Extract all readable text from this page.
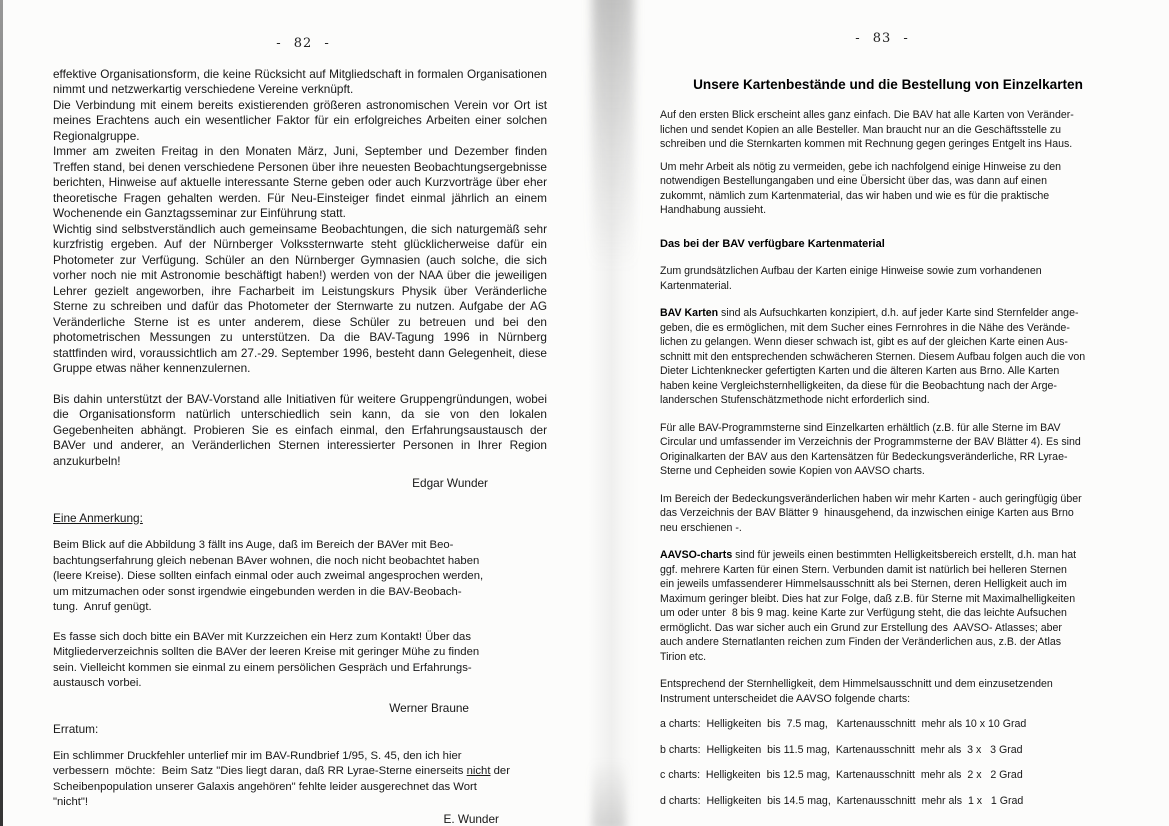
- 82 -

effektive Organisationsform, die keine Rücksicht auf Mitgliedschaft in formalen Organisationen nimmt und netzwerkartig verschiedene Vereine verknüpft.

Die Verbindung mit einem bereits existierenden größeren astronomischen Verein vor Ort ist meines Erachtens auch ein wesentlicher Faktor für ein erfolgreiches Arbeiten einer solchen Regionalgruppe.

Immer am zweiten Freitag in den Monaten März, Juni, September und Dezember finden Treffen stand, bei denen verschiedene Personen über ihre neuesten Beobachtungsergebnisse berichten, Hinweise auf aktuelle interessante Sterne geben oder auch Kurzvorträge über eher theoretische Fragen gehalten werden. Für Neu-Einsteiger findet einmal jährlich an einem Wochenende ein Ganztagsseminar zur Einführung statt.

Wichtig sind selbstverständlich auch gemeinsame Beobachtungen, die sich naturgemäß sehr kurzfristig ergeben. Auf der Nürnberger Volkssternwarte steht glücklicherweise dafür ein Photometer zur Verfügung. Schüler an den Nürnberger Gymnasien (auch solche, die sich vorher noch nie mit Astronomie beschäftigt haben!) werden von der NAA über die jeweiligen Lehrer gezielt angeworben, ihre Facharbeit im Leistungskurs Physik über Veränderliche Sterne zu schreiben und dafür das Photometer der Sternwarte zu nutzen. Aufgabe der AG Veränderliche Sterne ist es unter anderem, diese Schüler zu betreuen und bei den photometrischen Messungen zu unterstützen. Da die BAV-Tagung 1996 in Nürnberg stattfinden wird, voraussichtlich am 27.-29. September 1996, besteht dann Gelegenheit, diese Gruppe etwas näher kennenzulernen.

Bis dahin unterstützt der BAV-Vorstand alle Initiativen für weitere Gruppengründungen, wobei die Organisationsform natürlich unterschiedlich sein kann, da sie von den lokalen Gegebenheiten abhängt. Probieren Sie es einfach einmal, den Erfahrungsaustausch der BAVer und anderer, an Veränderlichen Sternen interessierter Personen in Ihrer Region anzukurbeln!

Edgar Wunder

Eine Anmerkung:

Beim Blick auf die Abbildung 3 fällt ins Auge, daß im Bereich der BAVer mit Beo-
bachtungserfahrung gleich nebenan BAver wohnen, die noch nicht beobachtet haben
(leere Kreise). Diese sollten einfach einmal oder auch zweimal angesprochen werden,
um mitzumachen oder sonst irgendwie eingebunden werden in die BAV-Beobach-
tung.  Anruf genügt.

Es fasse sich doch bitte ein BAVer mit Kurzzeichen ein Herz zum Kontakt! Über das
Mitgliederverzeichnis sollten die BAVer der leeren Kreise mit geringer Mühe zu finden
sein. Vielleicht kommen sie einmal zu einem persölichen Gespräch und Erfahrungs-
austausch vorbei.

Werner Braune

Erratum:

Ein schlimmer Druckfehler unterlief mir im BAV-Rundbrief 1/95, S. 45, den ich hier
verbessern  möchte:  Beim Satz "Dies liegt daran, daß RR Lyrae-Sterne einerseits nicht der
Scheibenpopulation unserer Galaxis angehören" fehlte leider ausgerechnet das Wort
"nicht"!

E. Wunder

- 83 -

Unsere Kartenbestände und die Bestellung von Einzelkarten

Auf den ersten Blick erscheint alles ganz einfach. Die BAV hat alle Karten von Veränder-
lichen und sendet Kopien an alle Besteller. Man braucht nur an die Geschäftsstelle zu
schreiben und die Sternkarten kommen mit Rechnung gegen geringes Entgelt ins Haus.

Um mehr Arbeit als nötig zu vermeiden, gebe ich nachfolgend einige Hinweise zu den
notwendigen Bestellungangaben und eine Übersicht über das, was dann auf einen
zukommt, nämlich zum Kartenmaterial, das wir haben und wie es für die praktische
Handhabung aussieht.

Das bei der BAV verfügbare Kartenmaterial

Zum grundsätzlichen Aufbau der Karten einige Hinweise sowie zum vorhandenen
Kartenmaterial.

BAV Karten sind als Aufsuchkarten konzipiert, d.h. auf jeder Karte sind Sternfelder ange-
geben, die es ermöglichen, mit dem Sucher eines Fernrohres in die Nähe des Verände-
lichen zu gelangen. Wenn dieser schwach ist, gibt es auf der gleichen Karte einen Aus-
schnitt mit den entsprechenden schwächeren Sternen. Diesem Aufbau folgen auch die von
Dieter Lichtenknecker gefertigten Karten und die älteren Karten aus Brno. Alle Karten
haben keine Vergleichsternhelligkeiten, da diese für die Beobachtung nach der Arge-
landerschen Stufenschätzmethode nicht erforderlich sind.

Für alle BAV-Programmsterne sind Einzelkarten erhältlich (z.B. für alle Sterne im BAV
Circular und umfassender im Verzeichnis der Programmsterne der BAV Blätter 4). Es sind
Originalkarten der BAV aus den Kartensätzen für Bedeckungsveränderliche, RR Lyrae-
Sterne und Cepheiden sowie Kopien von AAVSO charts.

Im Bereich der Bedeckungsveränderlichen haben wir mehr Karten - auch geringfügig über
das Verzeichnis der BAV Blätter 9  hinausgehend, da inzwischen einige Karten aus Brno
neu erschienen -.

AAVSO-charts sind für jeweils einen bestimmten Helligkeitsbereich erstellt, d.h. man hat
ggf. mehrere Karten für einen Stern. Verbunden damit ist natürlich bei helleren Sternen
ein jeweils umfassenderer Himmelsausschnitt als bei Sternen, deren Helligkeit auch im
Maximum geringer bleibt. Dies hat zur Folge, daß z.B. für Sterne mit Maximalhelligkeiten
um oder unter  8 bis 9 mag. keine Karte zur Verfügung steht, die das leichte Aufsuchen
ermöglicht. Das war sicher auch ein Grund zur Erstellung des  AAVSO- Atlasses; aber
auch andere Sternatlanten reichen zum Finden der Veränderlichen aus, z.B. der Atlas
Tirion etc.

Entsprechend der Sternhelligkeit, dem Himmelsausschnitt und dem einzusetzenden
Instrument unterscheidet die AAVSO folgende charts:

a charts:  Helligkeiten  bis  7.5 mag,   Kartenausschnitt  mehr als 10 x 10 Grad

b charts:  Helligkeiten  bis 11.5 mag,  Kartenausschnitt  mehr als  3 x   3 Grad

c charts:  Helligkeiten  bis 12.5 mag,  Kartenausschnitt  mehr als  2 x   2 Grad

d charts:  Helligkeiten  bis 14.5 mag,  Kartenausschnitt  mehr als  1 x   1 Grad
